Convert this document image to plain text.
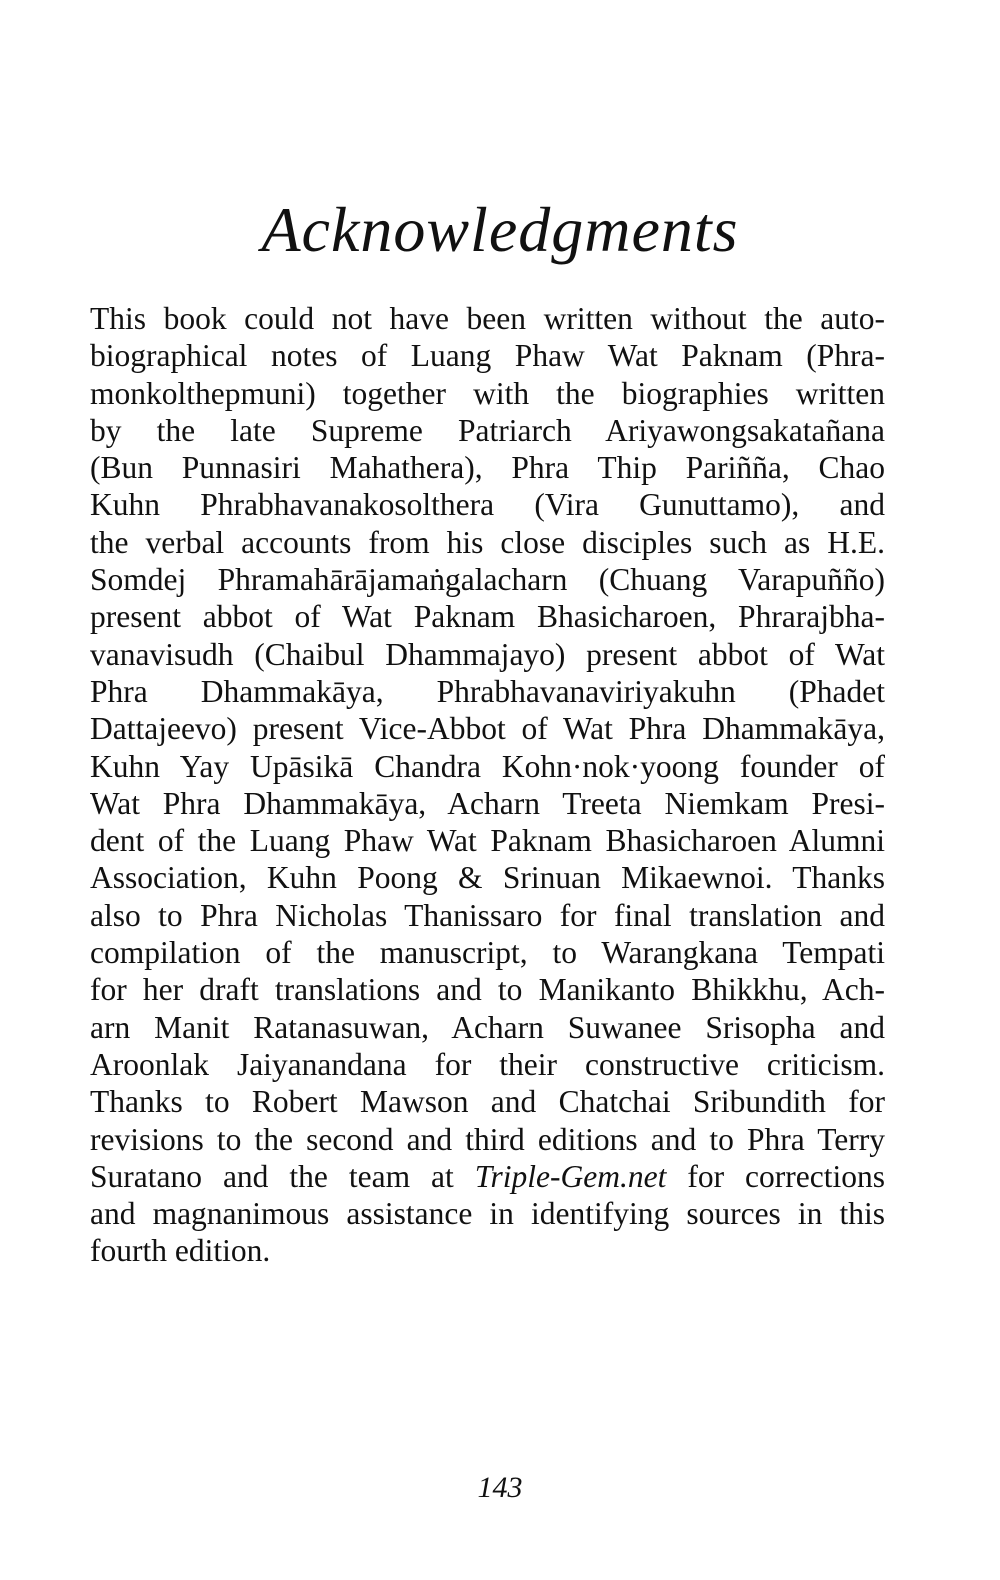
Acknowledgments
This book could not have been written without the auto-
biographical notes of Luang Phaw Wat Paknam (Phra-
monkolthepmuni) together with the biographies written
by the late Supreme Patriarch Ariyawongsakatañana
(Bun Punnasiri Mahathera), Phra Thip Pariñña, Chao
Kuhn Phrabhavanakosolthera (Vira Gunuttamo), and
the verbal accounts from his close disciples such as H.E.
Somdej Phramahārājamaṅgalacharn (Chuang Varapuñño)
present abbot of Wat Paknam Bhasicharoen, Phrarajbha-
vanavisudh (Chaibul Dhammajayo) present abbot of Wat
Phra Dhammakāya, Phrabhavanaviriyakuhn (Phadet
Dattajeevo) present Vice-Abbot of Wat Phra Dhammakāya,
Kuhn Yay Upāsikā Chandra Kohn·nok·yoong founder of
Wat Phra Dhammakāya, Acharn Treeta Niemkam Presi-
dent of the Luang Phaw Wat Paknam Bhasicharoen Alumni
Association, Kuhn Poong & Srinuan Mikaewnoi. Thanks
also to Phra Nicholas Thanissaro for final translation and
compilation of the manuscript, to Warangkana Tempati
for her draft translations and to Manikanto Bhikkhu, Ach-
arn Manit Ratanasuwan, Acharn Suwanee Srisopha and
Aroonlak Jaiyanandana for their constructive criticism.
Thanks to Robert Mawson and Chatchai Sribundith for
revisions to the second and third editions and to Phra Terry
Suratano and the team at Triple-Gem.net for corrections
and magnanimous assistance in identifying sources in this
fourth edition.
143
